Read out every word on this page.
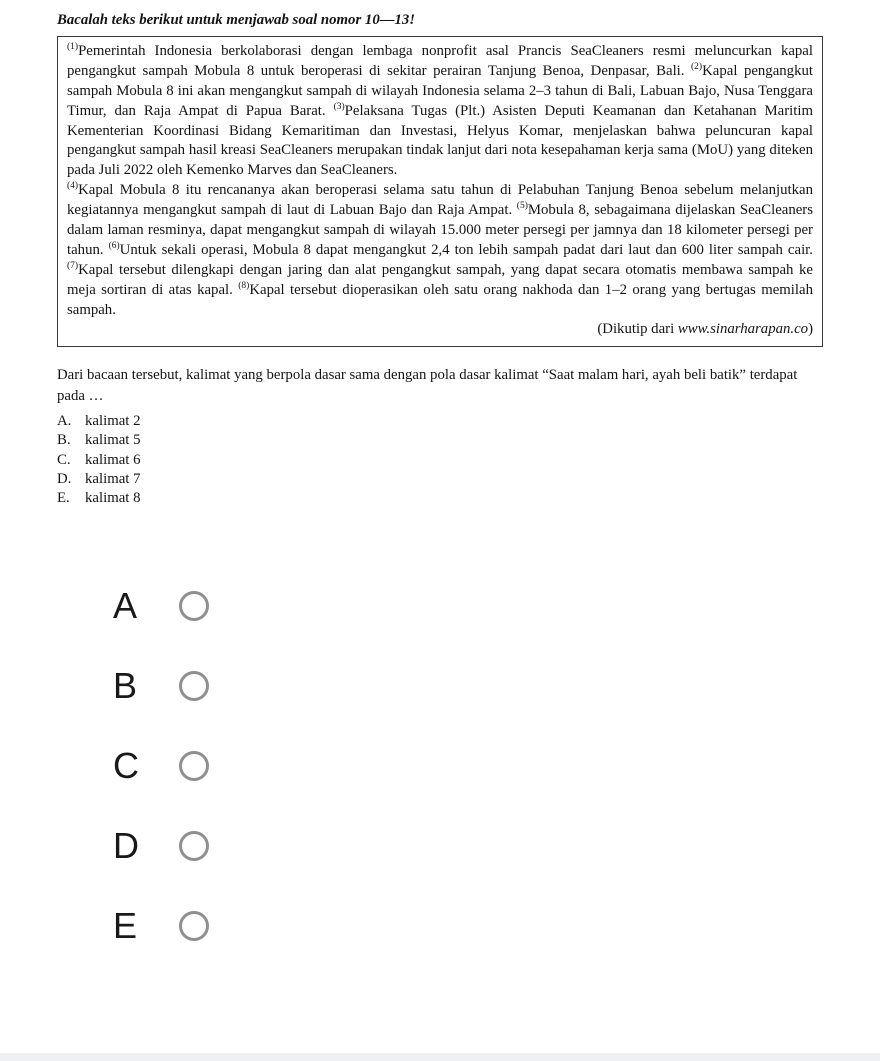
Bacalah teks berikut untuk menjawab soal nomor 10—13!

$^{(1)}$Pemerintah Indonesia berkolaborasi dengan lembaga nonprofit asal Prancis SeaCleaners resmi meluncurkan kapal pengangkut sampah Mobula 8 untuk beroperasi di sekitar perairan Tanjung Benoa, Denpasar, Bali. $^{(2)}$Kapal pengangkut sampah Mobula 8 ini akan mengangkut sampah di wilayah Indonesia selama 2–3 tahun di Bali, Labuan Bajo, Nusa Tenggara Timur, dan Raja Ampat di Papua Barat. $^{(3)}$Pelaksana Tugas (Plt.) Asisten Deputi Keamanan dan Ketahanan Maritim Kementerian Koordinasi Bidang Kemaritiman dan Investasi, Helyus Komar, menjelaskan bahwa peluncuran kapal pengangkut sampah hasil kreasi SeaCleaners merupakan tindak lanjut dari nota kesepahaman kerja sama (MoU) yang diteken pada Juli 2022 oleh Kemenko Marves dan SeaCleaners.

$^{(4)}$Kapal Mobula 8 itu rencananya akan beroperasi selama satu tahun di Pelabuhan Tanjung Benoa sebelum melanjutkan kegiatannya mengangkut sampah di laut di Labuan Bajo dan Raja Ampat. $^{(5)}$Mobula 8, sebagaimana dijelaskan SeaCleaners dalam laman resminya, dapat mengangkut sampah di wilayah 15.000 meter persegi per jamnya dan 18 kilometer persegi per tahun. $^{(6)}$Untuk sekali operasi, Mobula 8 dapat mengangkut 2,4 ton lebih sampah padat dari laut dan 600 liter sampah cair. $^{(7)}$Kapal tersebut dilengkapi dengan jaring dan alat pengangkut sampah, yang dapat secara otomatis membawa sampah ke meja sortiran di atas kapal. $^{(8)}$Kapal tersebut dioperasikan oleh satu orang nakhoda dan 1–2 orang yang bertugas memilah sampah.

(Dikutip dari www.sinarharapan.co)

Dari bacaan tersebut, kalimat yang berpola dasar sama dengan pola dasar kalimat “Saat malam hari, ayah beli batik” terdapat pada …

A. kalimat 2
B. kalimat 5
C. kalimat 6
D. kalimat 7
E.	kalimat 8
A
B
C
D
E
